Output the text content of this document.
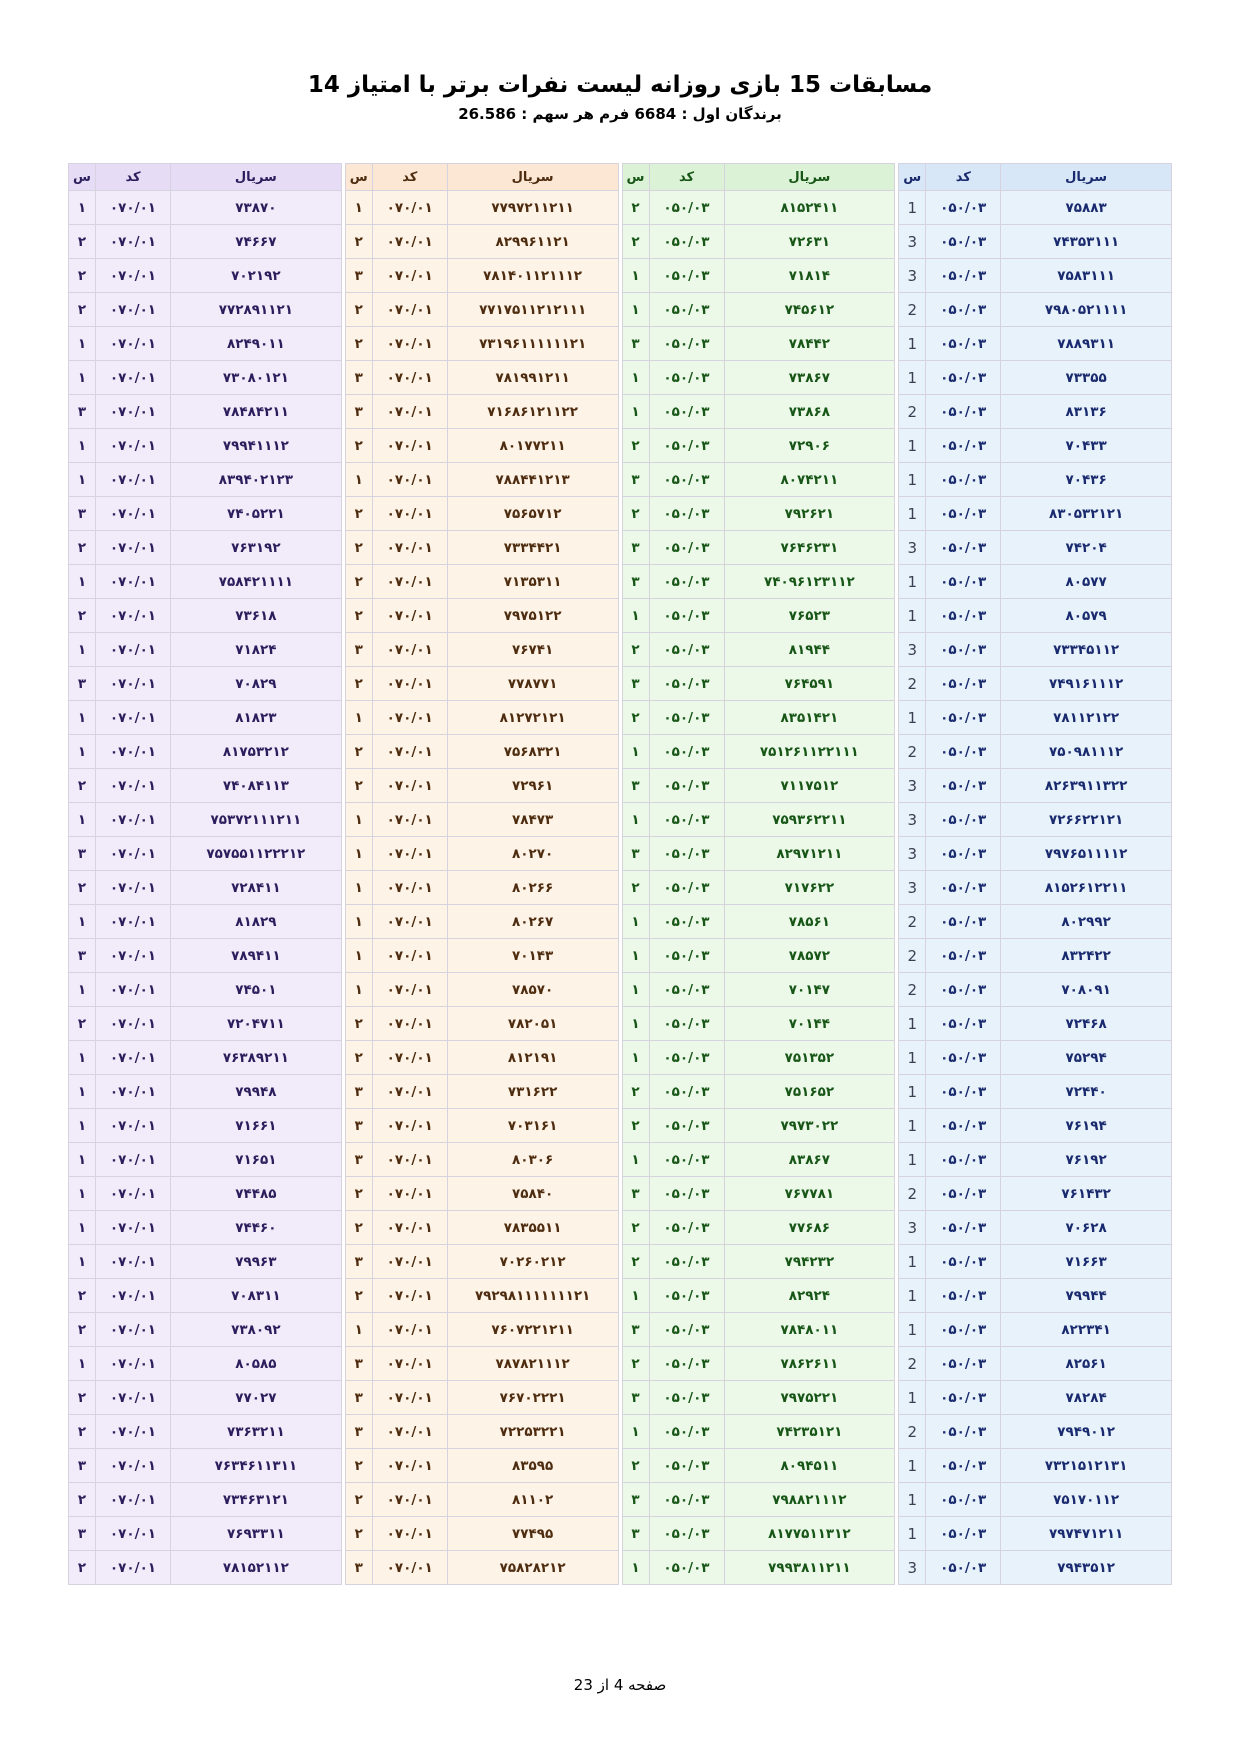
مسابقات 15 بازی روزانه لیست نفرات برتر با امتیاز 14
برندگان اول : 6684 فرم هر سهم : 26.586
س	کد	سریال
۱	۰۷۰/۰۱	۷۳۸۷۰
۲	۰۷۰/۰۱	۷۴۶۶۷
۲	۰۷۰/۰۱	۷۰۲۱۹۲
۲	۰۷۰/۰۱	۷۷۲۸۹۱۱۲۱
۱	۰۷۰/۰۱	۸۲۴۹۰۱۱
۱	۰۷۰/۰۱	۷۳۰۸۰۱۲۱
۳	۰۷۰/۰۱	۷۸۴۸۴۲۱۱
۱	۰۷۰/۰۱	۷۹۹۴۱۱۱۲
۱	۰۷۰/۰۱	۸۳۹۴۰۲۱۲۳
۳	۰۷۰/۰۱	۷۴۰۵۲۲۱
۲	۰۷۰/۰۱	۷۶۳۱۹۲
۱	۰۷۰/۰۱	۷۵۸۴۲۱۱۱۱
۲	۰۷۰/۰۱	۷۳۶۱۸
۱	۰۷۰/۰۱	۷۱۸۲۴
۳	۰۷۰/۰۱	۷۰۸۲۹
۱	۰۷۰/۰۱	۸۱۸۲۳
۱	۰۷۰/۰۱	۸۱۷۵۳۲۱۲
۲	۰۷۰/۰۱	۷۴۰۸۴۱۱۳
۱	۰۷۰/۰۱	۷۵۳۷۲۱۱۱۲۱۱
۳	۰۷۰/۰۱	۷۵۷۵۵۱۱۲۲۲۱۲
۲	۰۷۰/۰۱	۷۲۸۴۱۱
۱	۰۷۰/۰۱	۸۱۸۲۹
۳	۰۷۰/۰۱	۷۸۹۴۱۱
۱	۰۷۰/۰۱	۷۴۵۰۱
۲	۰۷۰/۰۱	۷۲۰۴۷۱۱
۱	۰۷۰/۰۱	۷۶۳۸۹۲۱۱
۱	۰۷۰/۰۱	۷۹۹۴۸
۱	۰۷۰/۰۱	۷۱۶۶۱
۱	۰۷۰/۰۱	۷۱۶۵۱
۱	۰۷۰/۰۱	۷۴۴۸۵
۱	۰۷۰/۰۱	۷۴۴۶۰
۱	۰۷۰/۰۱	۷۹۹۶۳
۲	۰۷۰/۰۱	۷۰۸۳۱۱
۲	۰۷۰/۰۱	۷۳۸۰۹۲
۱	۰۷۰/۰۱	۸۰۵۸۵
۲	۰۷۰/۰۱	۷۷۰۲۷
۲	۰۷۰/۰۱	۷۳۶۳۲۱۱
۳	۰۷۰/۰۱	۷۶۳۴۶۱۱۳۱۱
۲	۰۷۰/۰۱	۷۳۴۶۳۱۲۱
۳	۰۷۰/۰۱	۷۶۹۳۳۱۱
۲	۰۷۰/۰۱	۷۸۱۵۲۱۱۲
س	کد	سریال
۱	۰۷۰/۰۱	۷۷۹۷۲۱۱۲۱۱
۲	۰۷۰/۰۱	۸۲۹۹۶۱۱۲۱
۳	۰۷۰/۰۱	۷۸۱۴۰۱۱۲۱۱۱۲
۲	۰۷۰/۰۱	۷۷۱۷۵۱۱۲۱۲۱۱۱
۲	۰۷۰/۰۱	۷۳۱۹۶۱۱۱۱۱۱۲۱
۳	۰۷۰/۰۱	۷۸۱۹۹۱۲۱۱
۳	۰۷۰/۰۱	۷۱۶۸۶۱۲۱۱۲۲
۲	۰۷۰/۰۱	۸۰۱۷۷۲۱۱
۱	۰۷۰/۰۱	۷۸۸۴۴۱۲۱۳
۲	۰۷۰/۰۱	۷۵۶۵۷۱۲
۲	۰۷۰/۰۱	۷۳۳۴۴۲۱
۲	۰۷۰/۰۱	۷۱۳۵۳۱۱
۲	۰۷۰/۰۱	۷۹۷۵۱۲۲
۳	۰۷۰/۰۱	۷۶۷۴۱
۲	۰۷۰/۰۱	۷۷۸۷۷۱
۱	۰۷۰/۰۱	۸۱۲۷۲۱۲۱
۲	۰۷۰/۰۱	۷۵۶۸۳۲۱
۲	۰۷۰/۰۱	۷۲۹۶۱
۱	۰۷۰/۰۱	۷۸۴۷۳
۱	۰۷۰/۰۱	۸۰۲۷۰
۱	۰۷۰/۰۱	۸۰۲۶۶
۱	۰۷۰/۰۱	۸۰۲۶۷
۱	۰۷۰/۰۱	۷۰۱۴۳
۱	۰۷۰/۰۱	۷۸۵۷۰
۲	۰۷۰/۰۱	۷۸۲۰۵۱
۲	۰۷۰/۰۱	۸۱۲۱۹۱
۳	۰۷۰/۰۱	۷۳۱۶۲۲
۳	۰۷۰/۰۱	۷۰۳۱۶۱
۳	۰۷۰/۰۱	۸۰۳۰۶
۲	۰۷۰/۰۱	۷۵۸۴۰
۲	۰۷۰/۰۱	۷۸۳۵۵۱۱
۳	۰۷۰/۰۱	۷۰۲۶۰۲۱۲
۲	۰۷۰/۰۱	۷۹۲۹۸۱۱۱۱۱۱۱۲۱
۱	۰۷۰/۰۱	۷۶۰۷۲۲۱۲۱۱
۳	۰۷۰/۰۱	۷۸۷۸۲۱۱۱۲
۳	۰۷۰/۰۱	۷۶۷۰۲۲۲۱
۳	۰۷۰/۰۱	۷۲۲۵۳۲۲۱
۲	۰۷۰/۰۱	۸۳۵۹۵
۲	۰۷۰/۰۱	۸۱۱۰۲
۲	۰۷۰/۰۱	۷۷۴۹۵
۳	۰۷۰/۰۱	۷۵۸۲۸۲۱۲
س	کد	سریال
۲	۰۵۰/۰۳	۸۱۵۲۴۱۱
۲	۰۵۰/۰۳	۷۲۶۳۱
۱	۰۵۰/۰۳	۷۱۸۱۴
۱	۰۵۰/۰۳	۷۴۵۶۱۲
۳	۰۵۰/۰۳	۷۸۴۴۲
۱	۰۵۰/۰۳	۷۳۸۶۷
۱	۰۵۰/۰۳	۷۳۸۶۸
۲	۰۵۰/۰۳	۷۲۹۰۶
۳	۰۵۰/۰۳	۸۰۷۴۲۱۱
۲	۰۵۰/۰۳	۷۹۲۶۲۱
۳	۰۵۰/۰۳	۷۶۴۶۲۳۱
۳	۰۵۰/۰۳	۷۴۰۹۶۱۲۳۱۱۲
۱	۰۵۰/۰۳	۷۶۵۲۳
۲	۰۵۰/۰۳	۸۱۹۴۴
۳	۰۵۰/۰۳	۷۶۴۵۹۱
۲	۰۵۰/۰۳	۸۳۵۱۴۲۱
۱	۰۵۰/۰۳	۷۵۱۲۶۱۱۲۲۱۱۱
۳	۰۵۰/۰۳	۷۱۱۷۵۱۲
۱	۰۵۰/۰۳	۷۵۹۳۶۲۲۱۱
۳	۰۵۰/۰۳	۸۲۹۷۱۲۱۱
۲	۰۵۰/۰۳	۷۱۷۶۲۲
۱	۰۵۰/۰۳	۷۸۵۶۱
۱	۰۵۰/۰۳	۷۸۵۷۲
۱	۰۵۰/۰۳	۷۰۱۴۷
۱	۰۵۰/۰۳	۷۰۱۴۴
۱	۰۵۰/۰۳	۷۵۱۳۵۲
۲	۰۵۰/۰۳	۷۵۱۶۵۲
۲	۰۵۰/۰۳	۷۹۷۳۰۲۲
۱	۰۵۰/۰۳	۸۳۸۶۷
۳	۰۵۰/۰۳	۷۶۷۷۸۱
۲	۰۵۰/۰۳	۷۷۶۸۶
۲	۰۵۰/۰۳	۷۹۴۲۳۲
۱	۰۵۰/۰۳	۸۲۹۲۴
۳	۰۵۰/۰۳	۷۸۴۸۰۱۱
۲	۰۵۰/۰۳	۷۸۶۲۶۱۱
۳	۰۵۰/۰۳	۷۹۷۵۲۲۱
۱	۰۵۰/۰۳	۷۴۲۳۵۱۲۱
۲	۰۵۰/۰۳	۸۰۹۴۵۱۱
۳	۰۵۰/۰۳	۷۹۸۸۲۱۱۱۲
۳	۰۵۰/۰۳	۸۱۷۷۵۱۱۳۱۲
۱	۰۵۰/۰۳	۷۹۹۳۸۱۱۲۱۱
س	کد	سریال
1	۰۵۰/۰۳	۷۵۸۸۳
3	۰۵۰/۰۳	۷۴۳۵۳۱۱۱
3	۰۵۰/۰۳	۷۵۸۳۱۱۱
2	۰۵۰/۰۳	۷۹۸۰۵۲۱۱۱۱
1	۰۵۰/۰۳	۷۸۸۹۳۱۱
1	۰۵۰/۰۳	۷۳۳۵۵
2	۰۵۰/۰۳	۸۳۱۳۶
1	۰۵۰/۰۳	۷۰۴۳۳
1	۰۵۰/۰۳	۷۰۴۳۶
1	۰۵۰/۰۳	۸۳۰۵۳۲۱۲۱
3	۰۵۰/۰۳	۷۴۲۰۴
1	۰۵۰/۰۳	۸۰۵۷۷
1	۰۵۰/۰۳	۸۰۵۷۹
3	۰۵۰/۰۳	۷۳۳۴۵۱۱۲
2	۰۵۰/۰۳	۷۴۹۱۶۱۱۱۲
1	۰۵۰/۰۳	۷۸۱۱۲۱۲۲
2	۰۵۰/۰۳	۷۵۰۹۸۱۱۱۲
3	۰۵۰/۰۳	۸۲۶۳۹۱۱۳۲۲
3	۰۵۰/۰۳	۷۲۶۶۲۲۱۲۱
3	۰۵۰/۰۳	۷۹۷۶۵۱۱۱۱۲
3	۰۵۰/۰۳	۸۱۵۲۶۱۲۲۱۱
2	۰۵۰/۰۳	۸۰۲۹۹۲
2	۰۵۰/۰۳	۸۳۲۴۲۲
2	۰۵۰/۰۳	۷۰۸۰۹۱
1	۰۵۰/۰۳	۷۲۴۶۸
1	۰۵۰/۰۳	۷۵۲۹۴
1	۰۵۰/۰۳	۷۲۴۴۰
1	۰۵۰/۰۳	۷۶۱۹۴
1	۰۵۰/۰۳	۷۶۱۹۲
2	۰۵۰/۰۳	۷۶۱۴۳۲
3	۰۵۰/۰۳	۷۰۶۲۸
1	۰۵۰/۰۳	۷۱۶۶۳
1	۰۵۰/۰۳	۷۹۹۴۴
1	۰۵۰/۰۳	۸۲۲۳۴۱
2	۰۵۰/۰۳	۸۲۵۶۱
1	۰۵۰/۰۳	۷۸۲۸۴
2	۰۵۰/۰۳	۷۹۴۹۰۱۲
1	۰۵۰/۰۳	۷۳۲۱۵۱۲۱۳۱
1	۰۵۰/۰۳	۷۵۱۷۰۱۱۲
1	۰۵۰/۰۳	۷۹۷۴۷۱۲۱۱
3	۰۵۰/۰۳	۷۹۴۳۵۱۲
صفحه 4 از 23
